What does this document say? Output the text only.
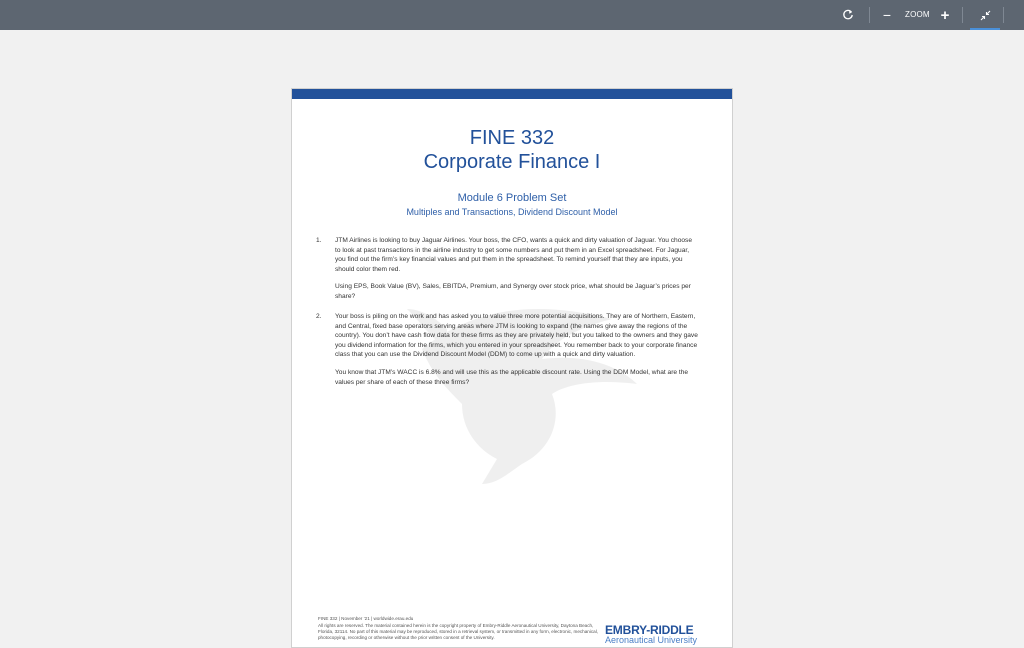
− ZOOM +
FINE 332
Corporate Finance I
Module 6 Problem Set
Multiples and Transactions, Dividend Discount Model
1. JTM Airlines is looking to buy Jaguar Airlines. Your boss, the CFO, wants a quick and dirty valuation of Jaguar. You choose to look at past transactions in the airline industry to get some numbers and put them in an Excel spreadsheet. For Jaguar, you find out the firm’s key financial values and put them in the spreadsheet. To remind yourself that they are inputs, you should color them red.

Using EPS, Book Value (BV), Sales, EBITDA, Premium, and Synergy over stock price, what should be Jaguar’s prices per share?

2. Your boss is piling on the work and has asked you to value three more potential acquisitions. They are of Northern, Eastern, and Central, fixed base operators serving areas where JTM is looking to expand (the names give away the regions of the country). You don’t have cash flow data for these firms as they are privately held, but you talked to the owners and they gave you dividend information for the firms, which you entered in your spreadsheet. You remember back to your corporate finance class that you can use the Dividend Discount Model (DDM) to come up with a quick and dirty valuation.

You know that JTM’s WACC is 6.8% and will use this as the applicable discount rate. Using the DDM Model, what are the values per share of each of these three firms?

FINE 332 | November ’21 | worldwide.erau.edu
All rights are reserved. The material contained herein is the copyright property of Embry-Riddle Aeronautical University, Daytona Beach, Florida, 32114. No part of this material may be reproduced, stored in a retrieval system, or transmitted in any form, electronic, mechanical, photocopying, recording or otherwise without the prior written consent of the University.
EMBRY-RIDDLE
Aeronautical University
